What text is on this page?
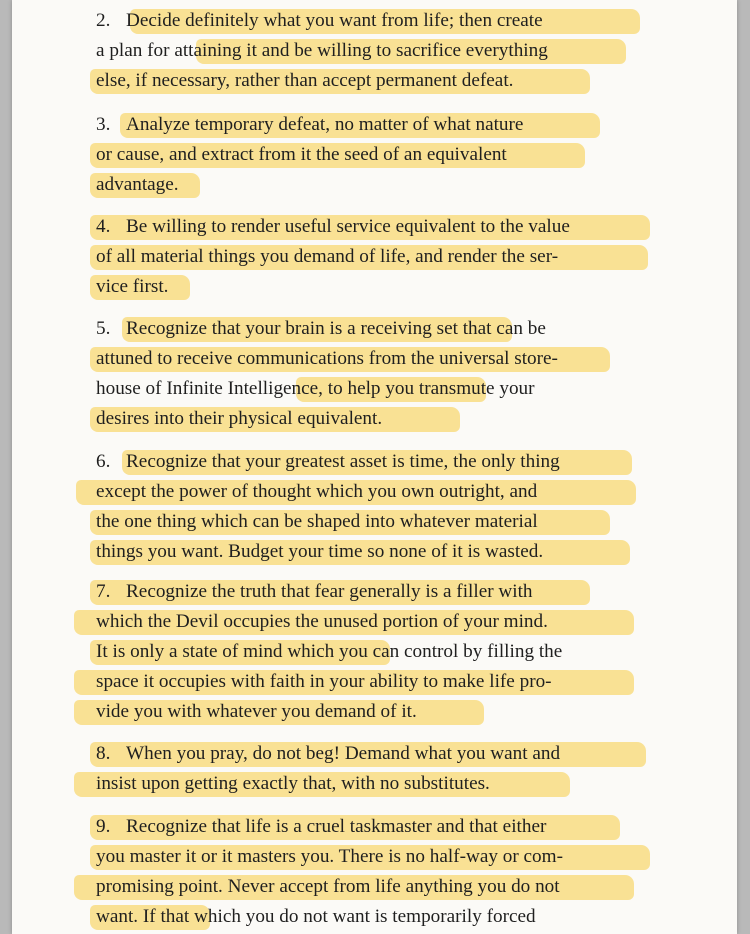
2. Decide definitely what you want from life; then create
a plan for attaining it and be willing to sacrifice everything
else, if necessary, rather than accept permanent defeat.
3. Analyze temporary defeat, no matter of what nature
or cause, and extract from it the seed of an equivalent
advantage.
4. Be willing to render useful service equivalent to the value
of all material things you demand of life, and render the ser-
vice first.
5. Recognize that your brain is a receiving set that can be
attuned to receive communications from the universal store-
house of Infinite Intelligence, to help you transmute your
desires into their physical equivalent.
6. Recognize that your greatest asset is time, the only thing
except the power of thought which you own outright, and
the one thing which can be shaped into whatever material
things you want. Budget your time so none of it is wasted.
7. Recognize the truth that fear generally is a filler with
which the Devil occupies the unused portion of your mind.
It is only a state of mind which you can control by filling the
space it occupies with faith in your ability to make life pro-
vide you with whatever you demand of it.
8. When you pray, do not beg! Demand what you want and
insist upon getting exactly that, with no substitutes.
9. Recognize that life is a cruel taskmaster and that either
you master it or it masters you. There is no half-way or com-
promising point. Never accept from life anything you do not
want. If that which you do not want is temporarily forced
